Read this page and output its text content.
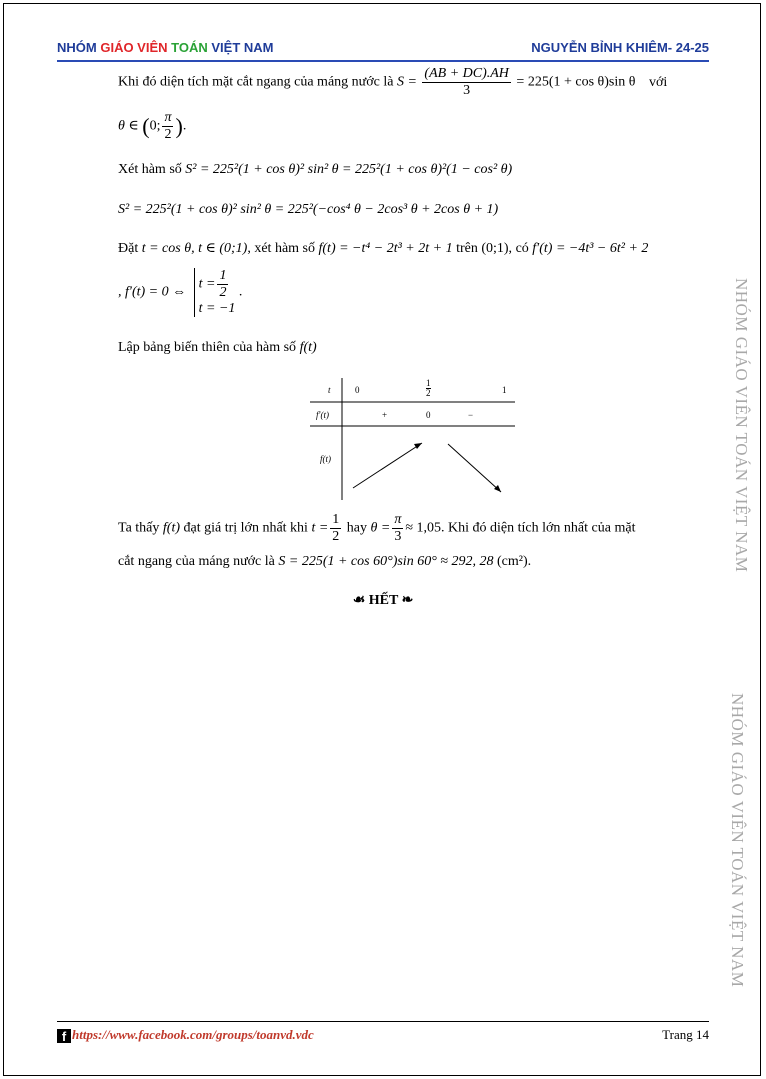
NHÓM GIÁO VIÊN TOÁN VIỆT NAM	NGUYỄN BỈNH KHIÊM- 24-25
Khi đó diện tích mặt cắt ngang của máng nước là $S = \frac{(AB + DC).AH}{3} = 225(1 + \cos \theta)\sin$ θ với
θ ∈ (0; $\frac{\pi}{2}$ ).
Xét hàm số S² = 225²(1 + cos θ)² sin² θ = 225²(1 + cos θ)²(1 − cos² θ)
S² = 225²(1 + cos θ)² sin² θ = 225²(−cos⁴ θ − 2cos³ θ + 2cos θ + 1)
Đặt t = cos θ, t ∈ (0;1), xét hàm số f(t) = −t⁴ − 2t³ + 2t + 1 trên (0;1), có f′(t) = −4t³ − 6t² + 2
, f′(t) = 0 ⇔
$t = \frac{1}{2}$
t = −1
.
Lập bảng biến thiên của hàm số f(t)
t	0	$\frac{1}{2}$	1
f′(t)	+	0	−
f(t)
Ta thấy f(t) đạt giá trị lớn nhất khi $t = \frac{1}{2}$ hay $\theta = \frac{\pi}{3} \approx 1,05$. Khi đó diện tích lớn nhất của mặt
cắt ngang của máng nước là S = 225(1 + cos 60°)sin 60° ≈ 292, 28 (cm²).
☙ HẾT ❧
NHÓM GIÁO VIÊN TOÁN VIỆT NAM
NHÓM GIÁO VIÊN TOÁN VIỆT NAM
f https://www.facebook.com/groups/toanvd.vdc	Trang 14
